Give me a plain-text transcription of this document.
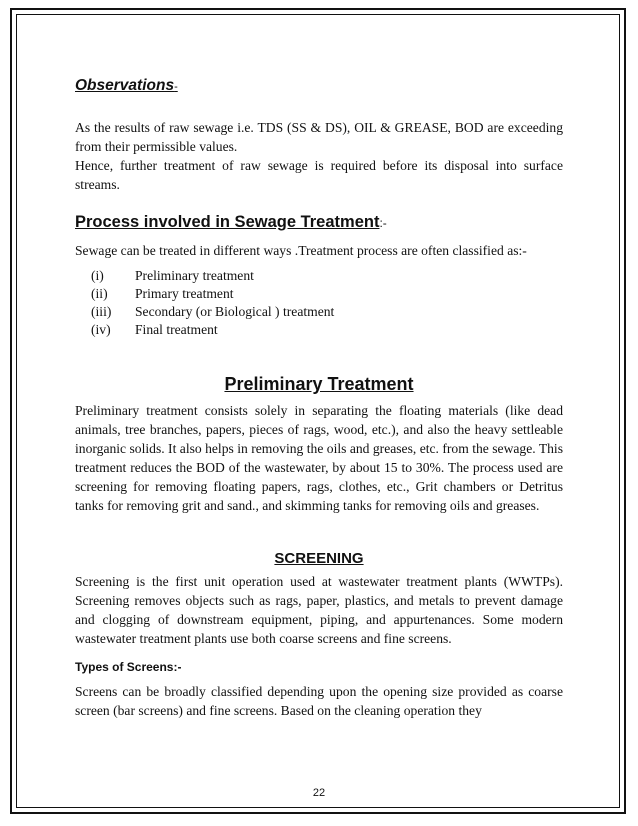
Observations-

As the results of raw sewage i.e. TDS (SS & DS), OIL & GREASE, BOD are exceeding from their permissible values.

Hence, further treatment of raw sewage is required before its disposal into surface streams.

Process involved in Sewage Treatment:-

Sewage can be treated in different ways .Treatment process are often classified as:-

(i)	Preliminary treatment
(ii)	Primary treatment
(iii)	Secondary (or Biological ) treatment
(iv)	Final treatment
Preliminary Treatment

Preliminary treatment consists solely in separating the floating materials (like dead animals, tree branches, papers, pieces of rags, wood, etc.), and also the heavy settleable inorganic solids. It also helps in removing the oils and greases, etc. from the sewage. This treatment reduces the BOD of the wastewater, by about 15 to 30%. The process used are screening for removing floating papers, rags, clothes, etc., Grit chambers or Detritus tanks for removing grit and sand., and skimming tanks for removing oils and greases.

SCREENING

Screening is the first unit operation used at wastewater treatment plants (WWTPs). Screening removes objects such as rags, paper, plastics, and metals to prevent damage and clogging of downstream equipment, piping, and appurtenances. Some modern wastewater treatment plants use both coarse screens and fine screens.

Types of Screens:-

Screens can be broadly classified depending upon the opening size provided as coarse screen (bar screens) and fine screens. Based on the cleaning operation they

22
